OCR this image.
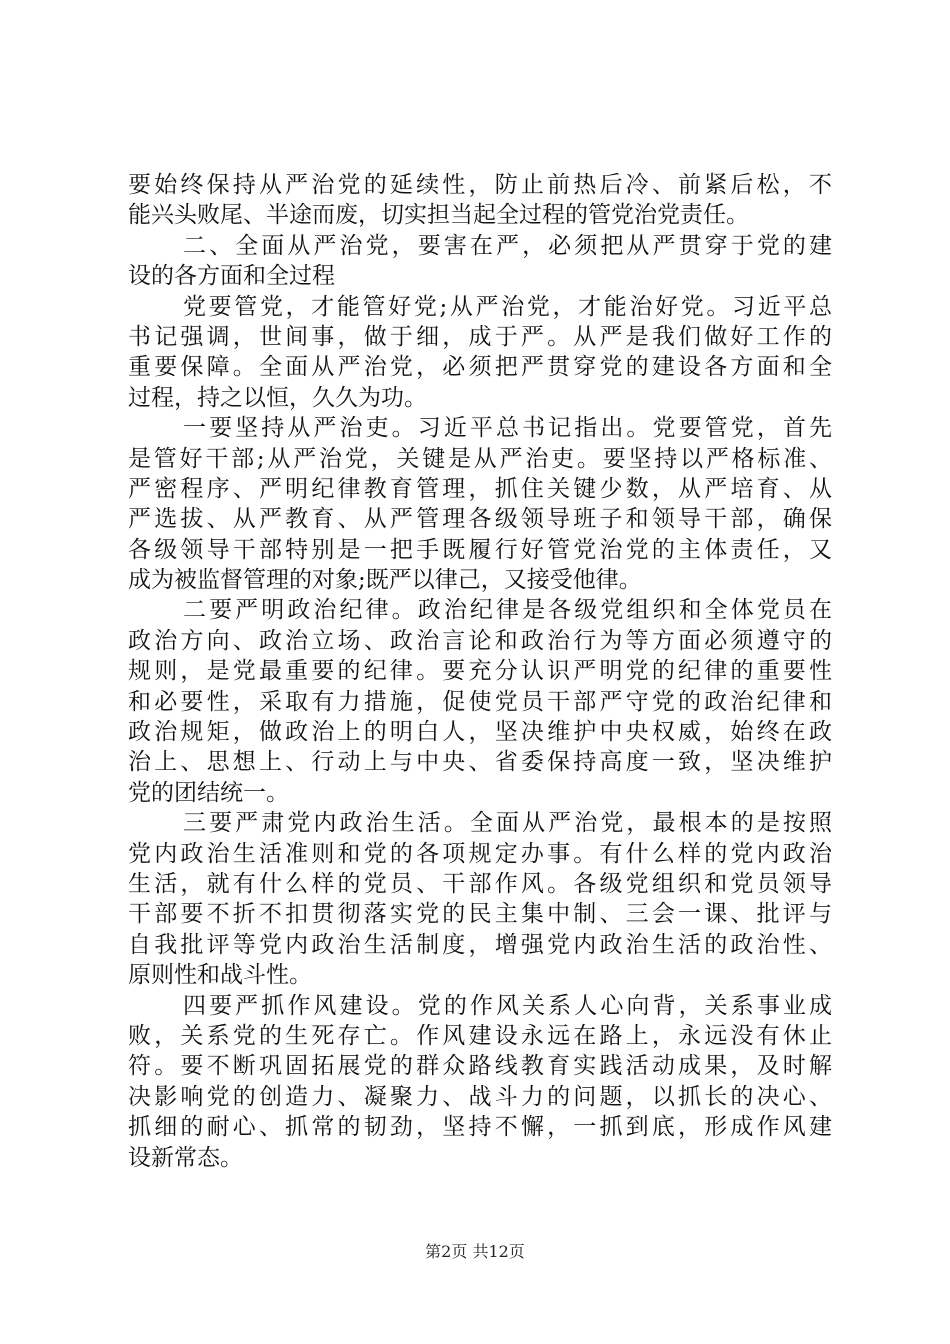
要始终保持从严治党的延续性，防止前热后冷、前紧后松，不
能兴头败尾、半途而废，切实担当起全过程的管党治党责任。
二、全面从严治党，要害在严，必须把从严贯穿于党的建
设的各方面和全过程
党要管党，才能管好党;从严治党，才能治好党。习近平总
书记强调，世间事，做于细，成于严。从严是我们做好工作的
重要保障。全面从严治党，必须把严贯穿党的建设各方面和全
过程，持之以恒，久久为功。
一要坚持从严治吏。习近平总书记指出。党要管党，首先
是管好干部;从严治党，关键是从严治吏。要坚持以严格标准、
严密程序、严明纪律教育管理，抓住关键少数，从严培育、从
严选拔、从严教育、从严管理各级领导班子和领导干部，确保
各级领导干部特别是一把手既履行好管党治党的主体责任，又
成为被监督管理的对象;既严以律己，又接受他律。
二要严明政治纪律。政治纪律是各级党组织和全体党员在
政治方向、政治立场、政治言论和政治行为等方面必须遵守的
规则，是党最重要的纪律。要充分认识严明党的纪律的重要性
和必要性，采取有力措施，促使党员干部严守党的政治纪律和
政治规矩，做政治上的明白人，坚决维护中央权威，始终在政
治上、思想上、行动上与中央、省委保持高度一致，坚决维护
党的团结统一。
三要严肃党内政治生活。全面从严治党，最根本的是按照
党内政治生活准则和党的各项规定办事。有什么样的党内政治
生活，就有什么样的党员、干部作风。各级党组织和党员领导
干部要不折不扣贯彻落实党的民主集中制、三会一课、批评与
自我批评等党内政治生活制度，增强党内政治生活的政治性、
原则性和战斗性。
四要严抓作风建设。党的作风关系人心向背，关系事业成
败，关系党的生死存亡。作风建设永远在路上，永远没有休止
符。要不断巩固拓展党的群众路线教育实践活动成果，及时解
决影响党的创造力、凝聚力、战斗力的问题，以抓长的决心、
抓细的耐心、抓常的韧劲，坚持不懈，一抓到底，形成作风建
设新常态。
第2页 共12页
